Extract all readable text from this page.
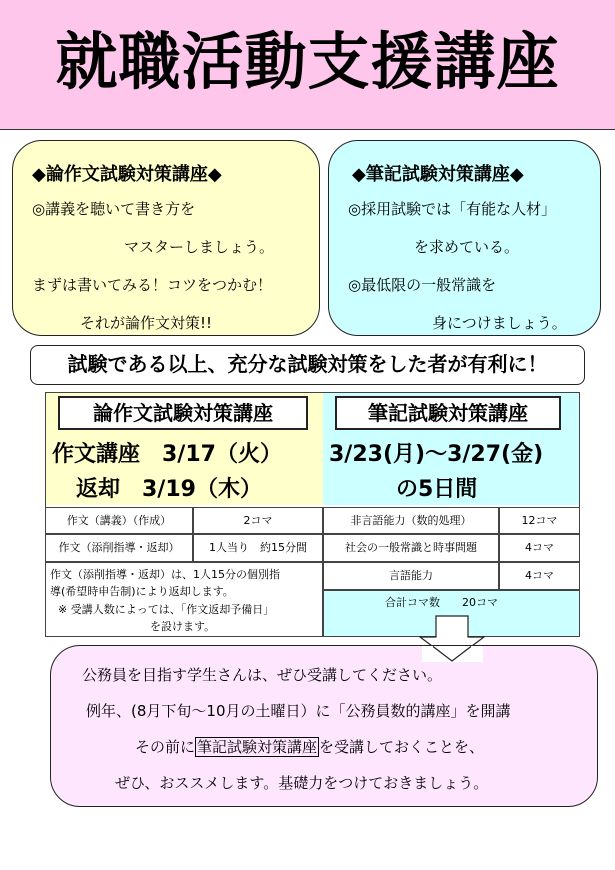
就職活動支援講座
◆論作文試験対策講座◆
◎講義を聴いて書き方を
マスターしましょう。
まずは書いてみる！コツをつかむ！
それが論作文対策!!
◆筆記試験対策講座◆
◎採用試験では「有能な人材」
を求めている。
◎最低限の一般常識を
身につけましょう。
試験である以上、充分な試験対策をした者が有利に！
論作文試験対策講座
作文講座　3/17（火）
返却　3/19（木）
作文（講義）（作成）	2コマ
作文（添削指導・返却）	1人当り　約15分間
作文（添削指導・返却）は、1人15分の個別指
導(希望時申告制)により返却します。
※ 受講人数によっては、「作文返却予備日」
を設けます。
筆記試験対策講座
3/23(月)～3/27(金)
の5日間
非言語能力（数的処理）	12コマ
社会の一般常識と時事問題	4コマ
言語能力	4コマ
合計コマ数　　20コマ
公務員を目指す学生さんは、ぜひ受講してください。
例年、(8月下旬～10月の土曜日）に「公務員数的講座」を開講
その前に 筆記試験対策講座 を受講しておくことを、
ぜひ、おススメします。基礎力をつけておきましょう。
